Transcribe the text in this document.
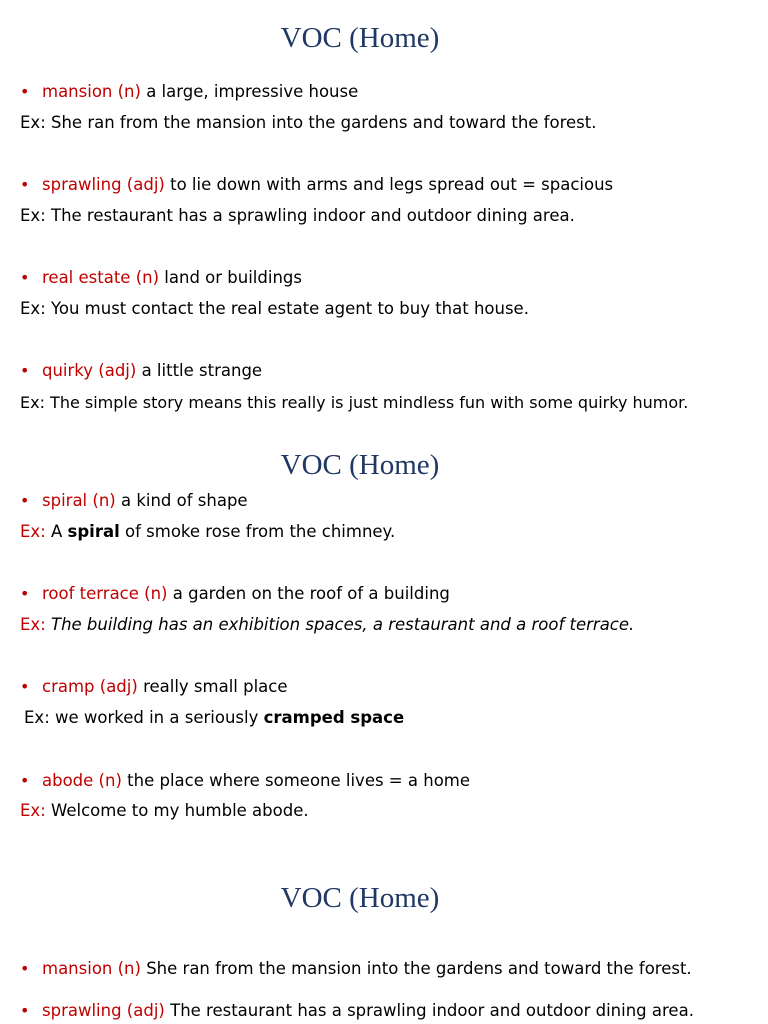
VOC (Home)
• mansion (n) a large, impressive house
Ex: She ran from the mansion into the gardens and toward the forest.
• sprawling (adj) to lie down with arms and legs spread out = spacious
Ex: The restaurant has a sprawling indoor and outdoor dining area.
• real estate (n) land or buildings
Ex: You must contact the real estate agent to buy that house.
• quirky (adj) a little strange
Ex: The simple story means this really is just mindless fun with some quirky humor.
VOC (Home)
• spiral (n) a kind of shape
Ex: A spiral of smoke rose from the chimney.
• roof terrace (n) a garden on the roof of a building
Ex: The building has an exhibition spaces, a restaurant and a roof terrace.
• cramp (adj) really small place
Ex: we worked in a seriously cramped space
• abode (n) the place where someone lives = a home
Ex: Welcome to my humble abode.
VOC (Home)
• mansion (n) She ran from the mansion into the gardens and toward the forest.
• sprawling (adj) The restaurant has a sprawling indoor and outdoor dining area.
